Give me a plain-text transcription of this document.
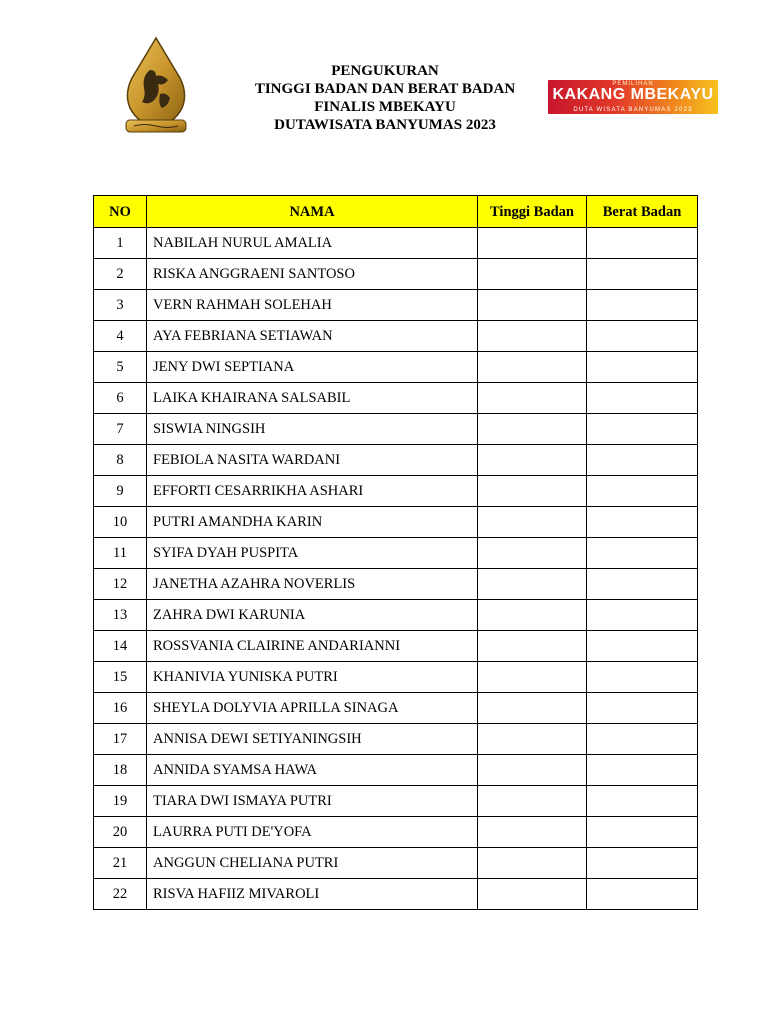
PENGUKURAN
TINGGI BADAN DAN BERAT BADAN
FINALIS MBEKAYU
DUTAWISATA BANYUMAS 2023
PEMILIHAN
KAKANG MBEKAYU
DUTA WISATA BANYUMAS 2023
NO	NAMA	Tinggi Badan	Berat Badan
1	NABILAH NURUL AMALIA		
2	RISKA ANGGRAENI SANTOSO		
3	VERN RAHMAH SOLEHAH		
4	AYA FEBRIANA SETIAWAN		
5	JENY DWI SEPTIANA		
6	LAIKA KHAIRANA SALSABIL		
7	SISWIA NINGSIH		
8	FEBIOLA NASITA WARDANI		
9	EFFORTI CESARRIKHA ASHARI		
10	PUTRI AMANDHA KARIN		
11	SYIFA DYAH PUSPITA		
12	JANETHA AZAHRA NOVERLIS		
13	ZAHRA DWI KARUNIA		
14	ROSSVANIA CLAIRINE ANDARIANNI		
15	KHANIVIA YUNISKA PUTRI		
16	SHEYLA DOLYVIA APRILLA SINAGA		
17	ANNISA DEWI SETIYANINGSIH		
18	ANNIDA SYAMSA HAWA		
19	TIARA DWI ISMAYA PUTRI		
20	LAURRA PUTI DE'YOFA		
21	ANGGUN CHELIANA PUTRI		
22	RISVA HAFIIZ MIVAROLI		
